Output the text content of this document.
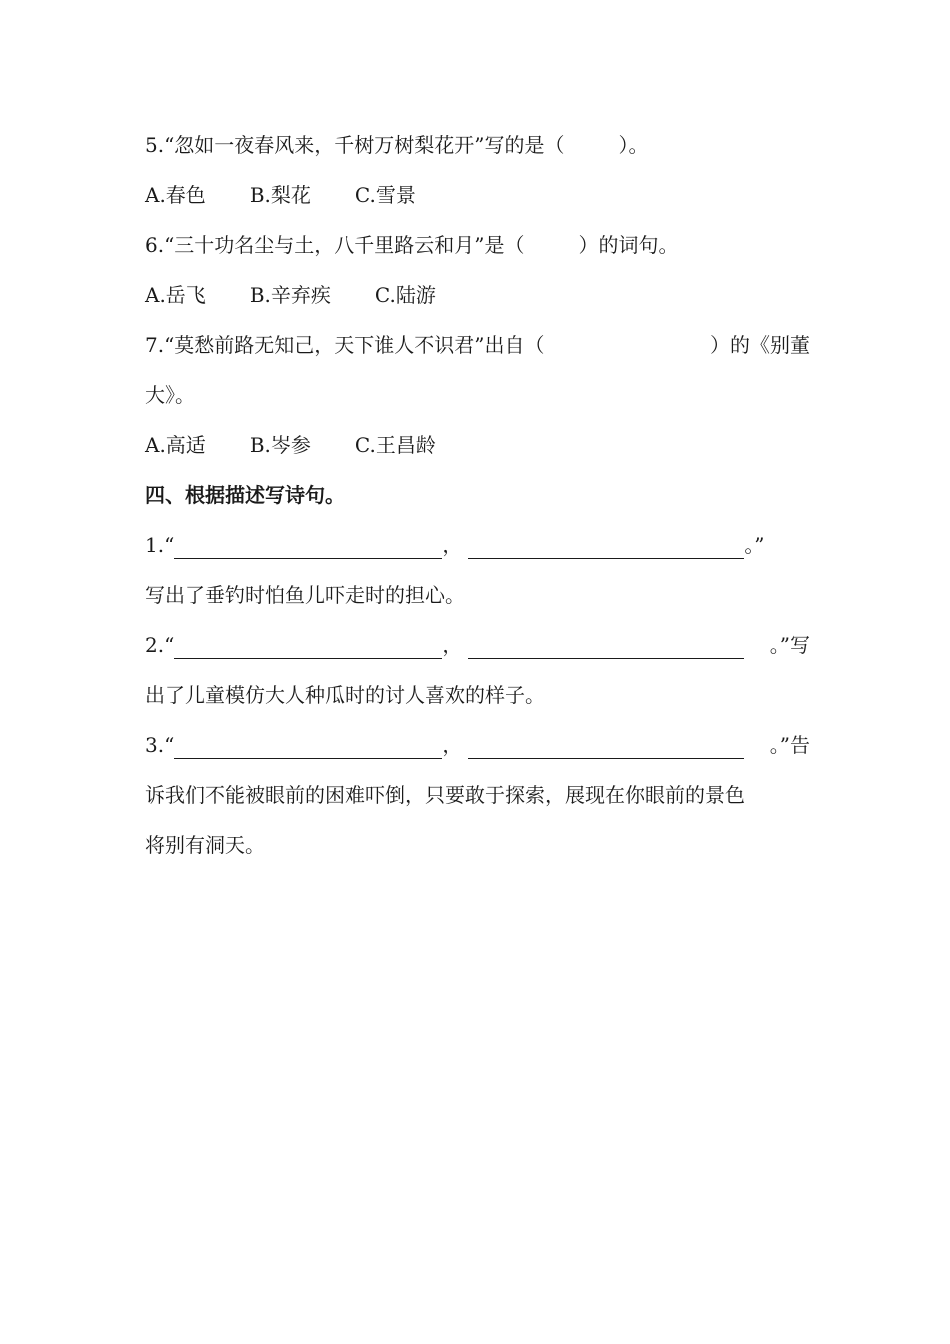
5.“忽如一夜春风来，千树万树梨花开”写的是（	）。
A.春色 B.梨花 C.雪景
6.“三十功名尘与土，八千里路云和月”是（	）的词句。
A.岳飞 B.辛弃疾 C.陆游
7.“莫愁前路无知己，天下谁人不识君”出自（	）的《别董
大》。
A.高适 B.岑参 C.王昌龄
四、根据描述写诗句。
1.“	，	。”
写出了垂钓时怕鱼儿吓走时的担心。
2.“	，	。”写
出了儿童模仿大人种瓜时的讨人喜欢的样子。
3.“	，	。”告
诉我们不能被眼前的困难吓倒，只要敢于探索，展现在你眼前的景色
将别有洞天。
